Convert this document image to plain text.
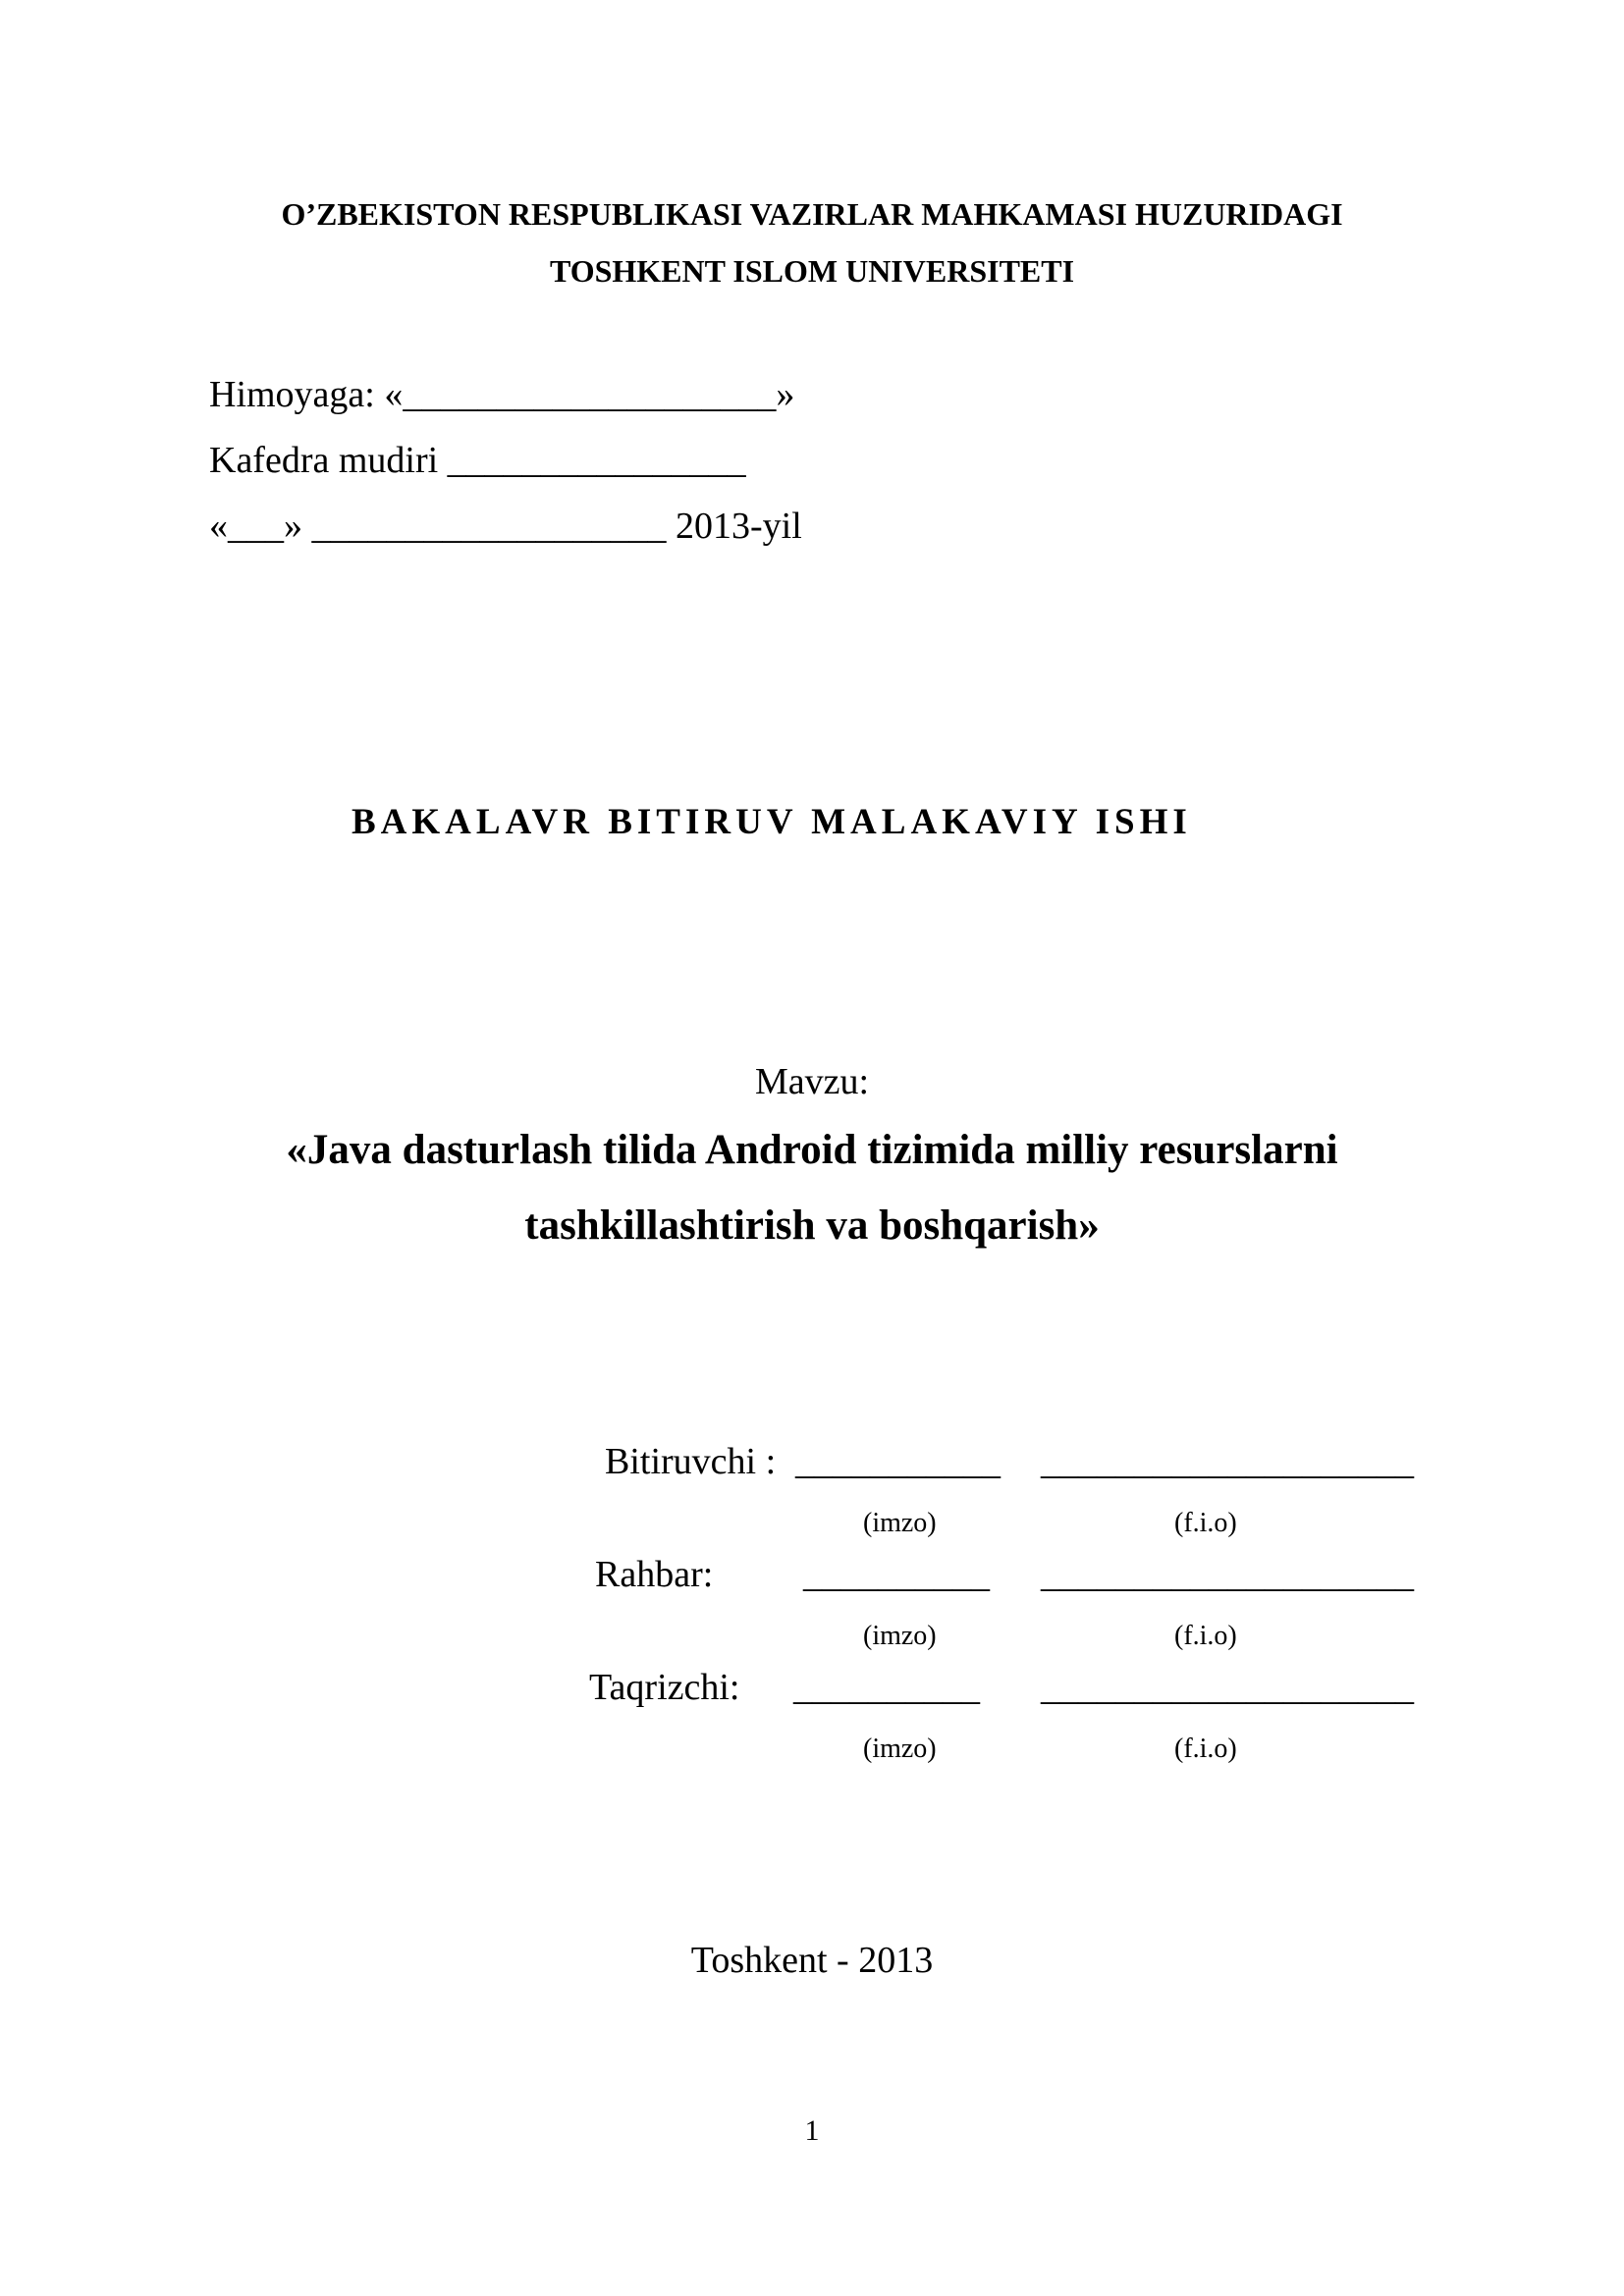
O’ZBEKISTON RESPUBLIKASI VAZIRLAR MAHKAMASI HUZURIDAGI
TOSHKENT ISLOM UNIVERSITETI
Himoyaga: «____________________»
Kafedra mudiri ________________
«___» ___________________ 2013-yil
BAKALAVR BITIRUV MALAKAVIY ISHI
Mavzu:
«Java dasturlash tilida Android tizimida milliy resurslarni
tashkillashtirish va boshqarish»
Bitiruvchi : ___________ ____________________
(imzo)	(f.i.o)
Rahbar: __________ ____________________
(imzo)	(f.i.o)
Taqrizchi: __________ ____________________
(imzo)	(f.i.o)
Toshkent - 2013
1
